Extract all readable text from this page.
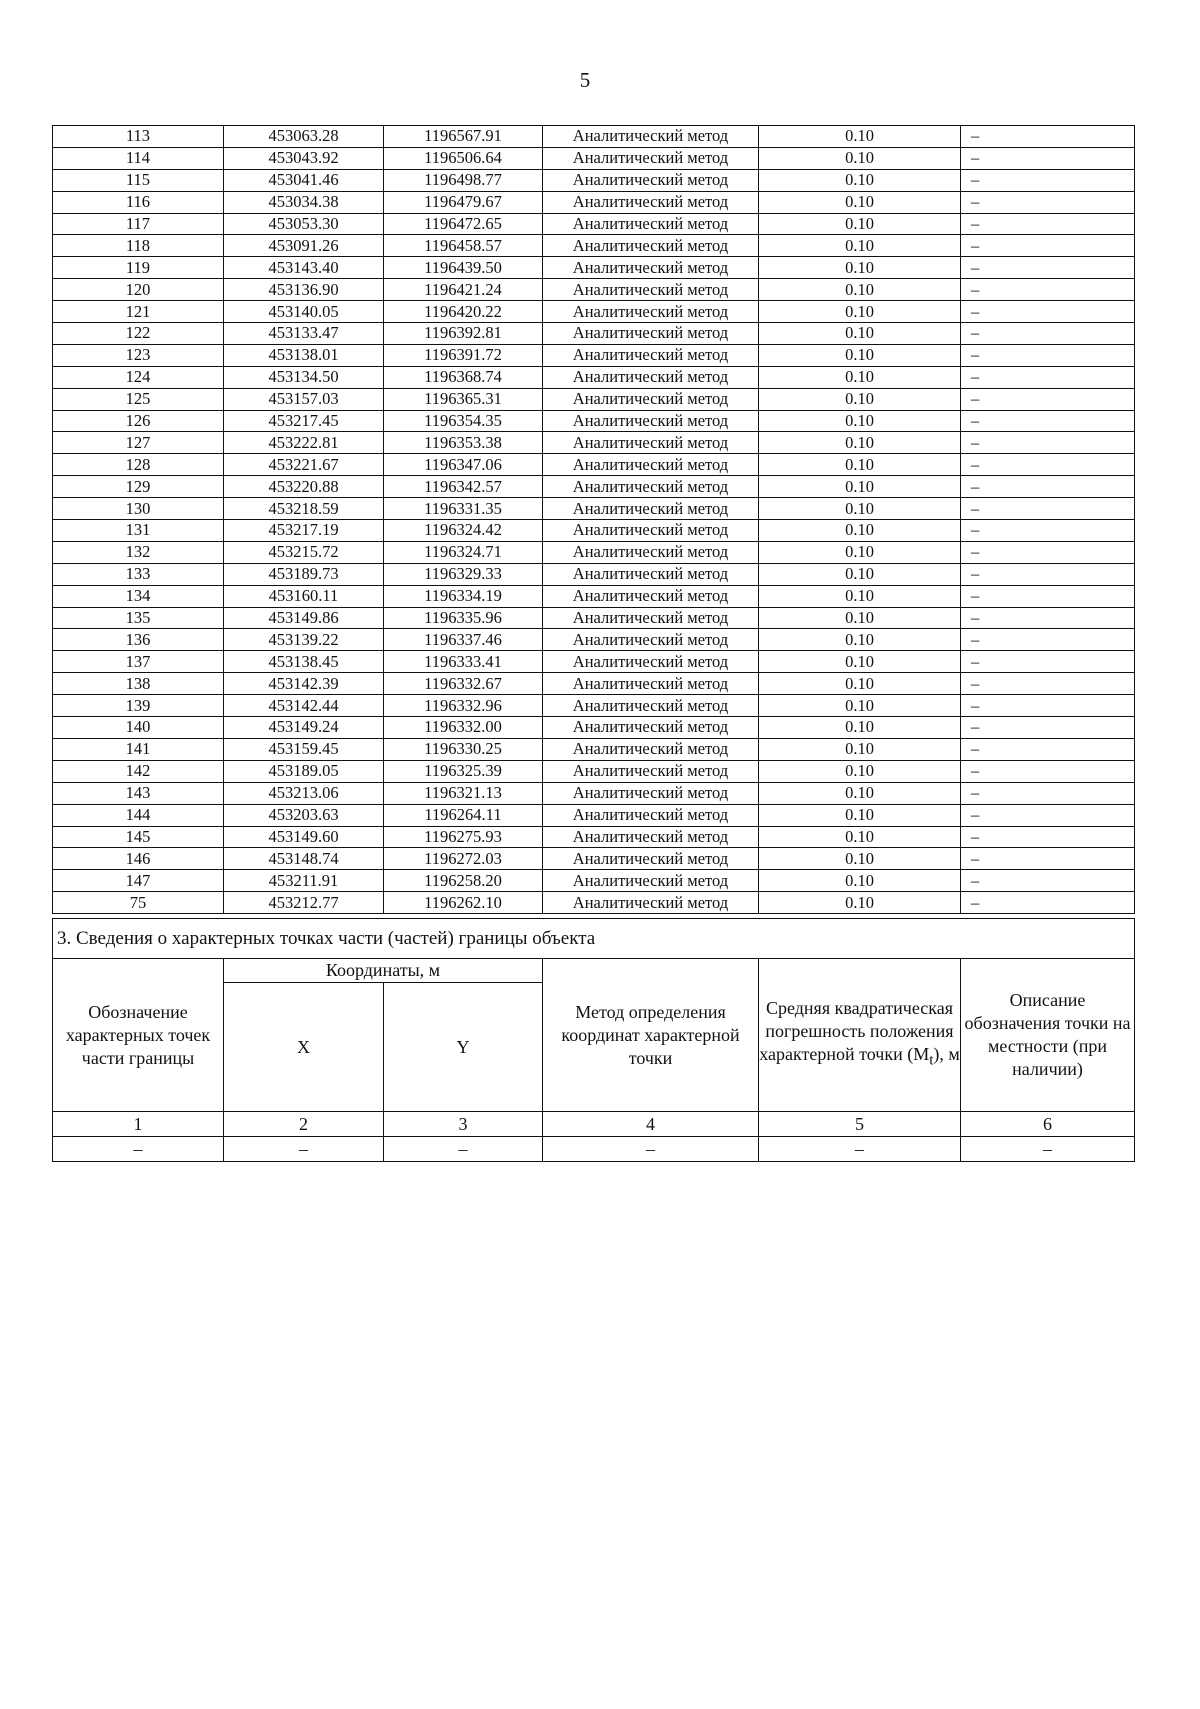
5
113	453063.28	1196567.91	Аналитический метод	0.10	–
114	453043.92	1196506.64	Аналитический метод	0.10	–
115	453041.46	1196498.77	Аналитический метод	0.10	–
116	453034.38	1196479.67	Аналитический метод	0.10	–
117	453053.30	1196472.65	Аналитический метод	0.10	–
118	453091.26	1196458.57	Аналитический метод	0.10	–
119	453143.40	1196439.50	Аналитический метод	0.10	–
120	453136.90	1196421.24	Аналитический метод	0.10	–
121	453140.05	1196420.22	Аналитический метод	0.10	–
122	453133.47	1196392.81	Аналитический метод	0.10	–
123	453138.01	1196391.72	Аналитический метод	0.10	–
124	453134.50	1196368.74	Аналитический метод	0.10	–
125	453157.03	1196365.31	Аналитический метод	0.10	–
126	453217.45	1196354.35	Аналитический метод	0.10	–
127	453222.81	1196353.38	Аналитический метод	0.10	–
128	453221.67	1196347.06	Аналитический метод	0.10	–
129	453220.88	1196342.57	Аналитический метод	0.10	–
130	453218.59	1196331.35	Аналитический метод	0.10	–
131	453217.19	1196324.42	Аналитический метод	0.10	–
132	453215.72	1196324.71	Аналитический метод	0.10	–
133	453189.73	1196329.33	Аналитический метод	0.10	–
134	453160.11	1196334.19	Аналитический метод	0.10	–
135	453149.86	1196335.96	Аналитический метод	0.10	–
136	453139.22	1196337.46	Аналитический метод	0.10	–
137	453138.45	1196333.41	Аналитический метод	0.10	–
138	453142.39	1196332.67	Аналитический метод	0.10	–
139	453142.44	1196332.96	Аналитический метод	0.10	–
140	453149.24	1196332.00	Аналитический метод	0.10	–
141	453159.45	1196330.25	Аналитический метод	0.10	–
142	453189.05	1196325.39	Аналитический метод	0.10	–
143	453213.06	1196321.13	Аналитический метод	0.10	–
144	453203.63	1196264.11	Аналитический метод	0.10	–
145	453149.60	1196275.93	Аналитический метод	0.10	–
146	453148.74	1196272.03	Аналитический метод	0.10	–
147	453211.91	1196258.20	Аналитический метод	0.10	–
75	453212.77	1196262.10	Аналитический метод	0.10	–
3. Сведения о характерных точках части (частей) границы объекта					
Обозначение характерных точек части границы	Координаты, м		Метод определения координат характерной точки	Средняя квадратическая погрешность положения характерной точки $(M_t)$, м	Описание обозначения точки на местности (при наличии)
	X	Y			
1	2	3	4	5	6
–	–	–	–	–	–
